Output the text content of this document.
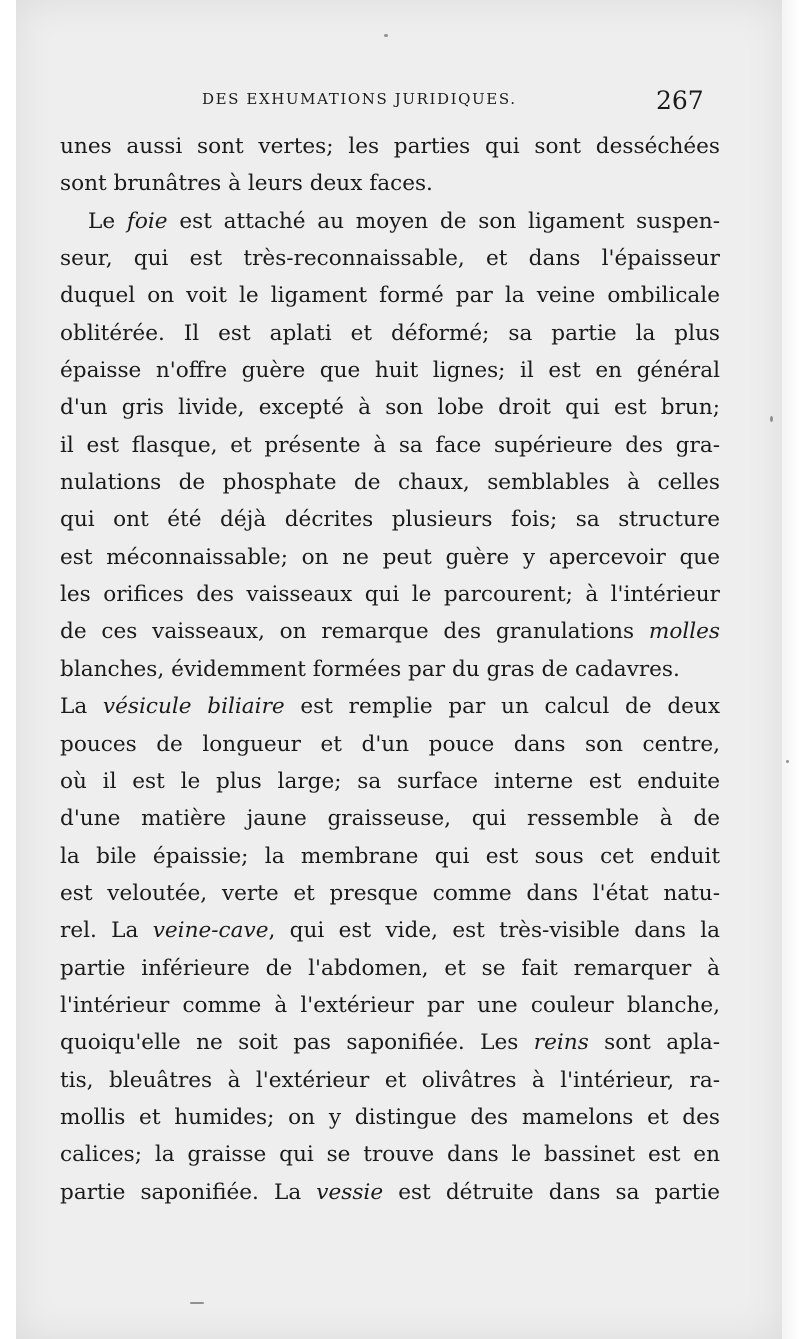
DES EXHUMATIONS JURIDIQUES.	267
unes aussi sont vertes; les parties qui sont desséchées
sont brunâtres à leurs deux faces.
Le foie est attaché au moyen de son ligament suspen-
seur, qui est très-reconnaissable, et dans l'épaisseur
duquel on voit le ligament formé par la veine ombilicale
oblitérée. Il est aplati et déformé; sa partie la plus
épaisse n'offre guère que huit lignes; il est en général
d'un gris livide, excepté à son lobe droit qui est brun;
il est flasque, et présente à sa face supérieure des gra-
nulations de phosphate de chaux, semblables à celles
qui ont été déjà décrites plusieurs fois; sa structure
est méconnaissable; on ne peut guère y apercevoir que
les orifices des vaisseaux qui le parcourent; à l'intérieur
de ces vaisseaux, on remarque des granulations molles
blanches, évidemment formées par du gras de cadavres.
La vésicule biliaire est remplie par un calcul de deux
pouces de longueur et d'un pouce dans son centre,
où il est le plus large; sa surface interne est enduite
d'une matière jaune graisseuse, qui ressemble à de
la bile épaissie; la membrane qui est sous cet enduit
est veloutée, verte et presque comme dans l'état natu-
rel. La veine-cave, qui est vide, est très-visible dans la
partie inférieure de l'abdomen, et se fait remarquer à
l'intérieur comme à l'extérieur par une couleur blanche,
quoiqu'elle ne soit pas saponifiée. Les reins sont apla-
tis, bleuâtres à l'extérieur et olivâtres à l'intérieur, ra-
mollis et humides; on y distingue des mamelons et des
calices; la graisse qui se trouve dans le bassinet est en
partie saponifiée. La vessie est détruite dans sa partie
